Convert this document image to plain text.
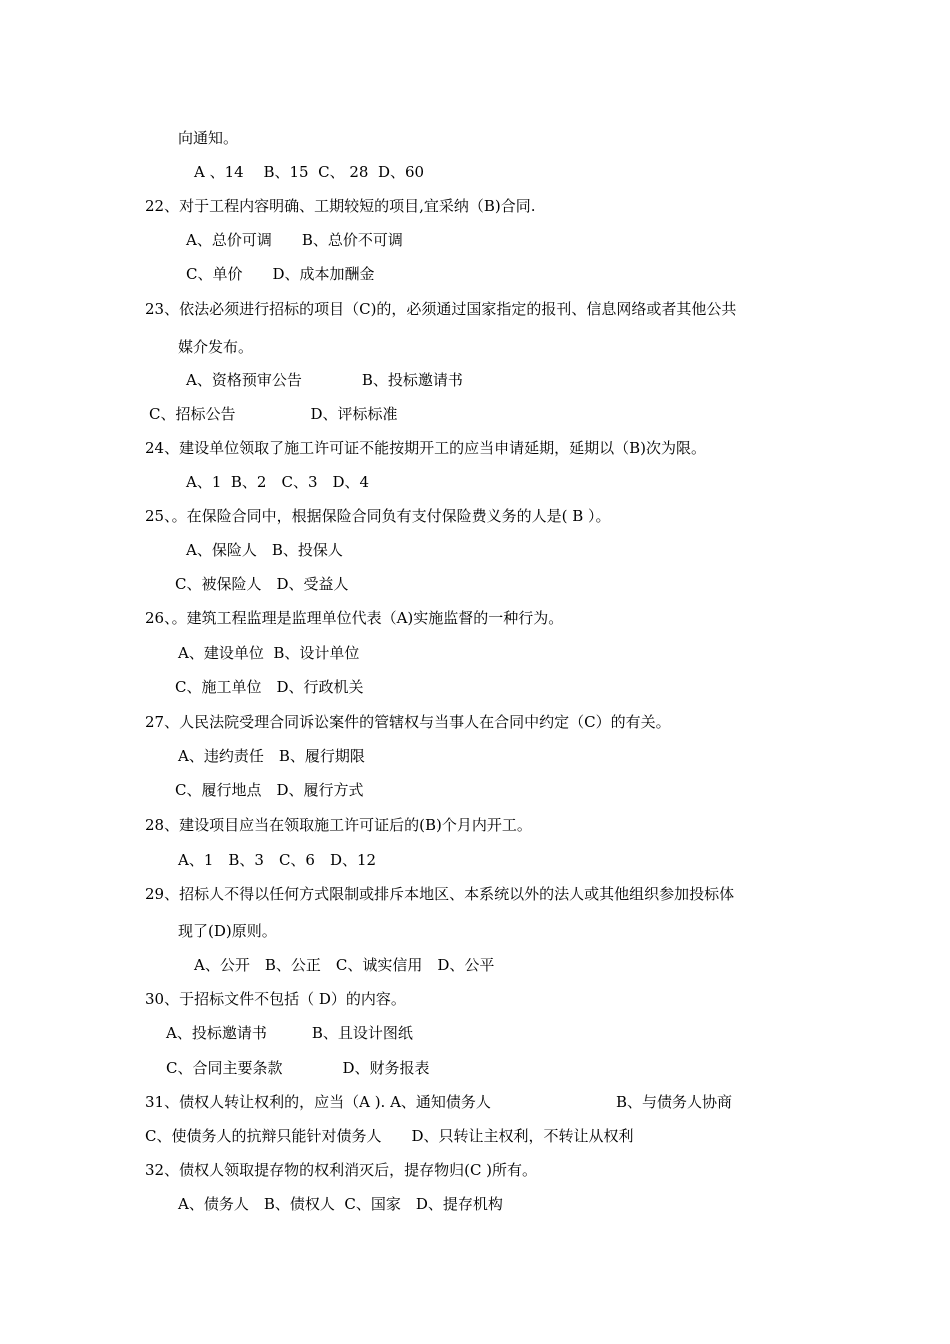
向通知。
A 、14　 B、15  C、 28  D、60
22、对于工程内容明确、工期较短的项目,宜采纳（B)合同.
A、总价可调　　B、总价不可调
C、单价　　D、成本加酬金
23、依法必须进行招标的项目（C)的，必须通过国家指定的报刊、信息网络或者其他公共
媒介发布。
A、资格预审公告　　　　B、投标邀请书
C、招标公告　　　　　D、评标标准
24、建设单位领取了施工许可证不能按期开工的应当申请延期，延期以（B)次为限。
A、1  B、2　C、3　D、4
25、。在保险合同中，根据保险合同负有支付保险费义务的人是( B ）。
A、保险人　B、投保人
C、被保险人　D、受益人
26、。建筑工程监理是监理单位代表（A)实施监督的一种行为。
A、建设单位  B、设计单位
C、施工单位　D、行政机关
27、人民法院受理合同诉讼案件的管辖权与当事人在合同中约定（C）的有关。
A、违约责任　B、履行期限
C、履行地点　D、履行方式
28、建设项目应当在领取施工许可证后的(B)个月内开工。
A、1　B、3　C、6　D、12
29、招标人不得以任何方式限制或排斥本地区、本系统以外的法人或其他组织参加投标体
现了(D)原则。
A、公开　B、公正　C、诚实信用　D、公平
30、于招标文件不包括（ D）的内容。
A、投标邀请书　　　B、且设计图纸
C、合同主要条款　　　　D、财务报表
31、债权人转让权利的，应当（A ). A、通知债务人	B、与债务人协商
C、使债务人的抗辩只能针对债务人　　D、只转让主权利，不转让从权利
32、债权人领取提存物的权利消灭后，提存物归(C )所有。
A、债务人　B、债权人  C、国家　D、提存机构
